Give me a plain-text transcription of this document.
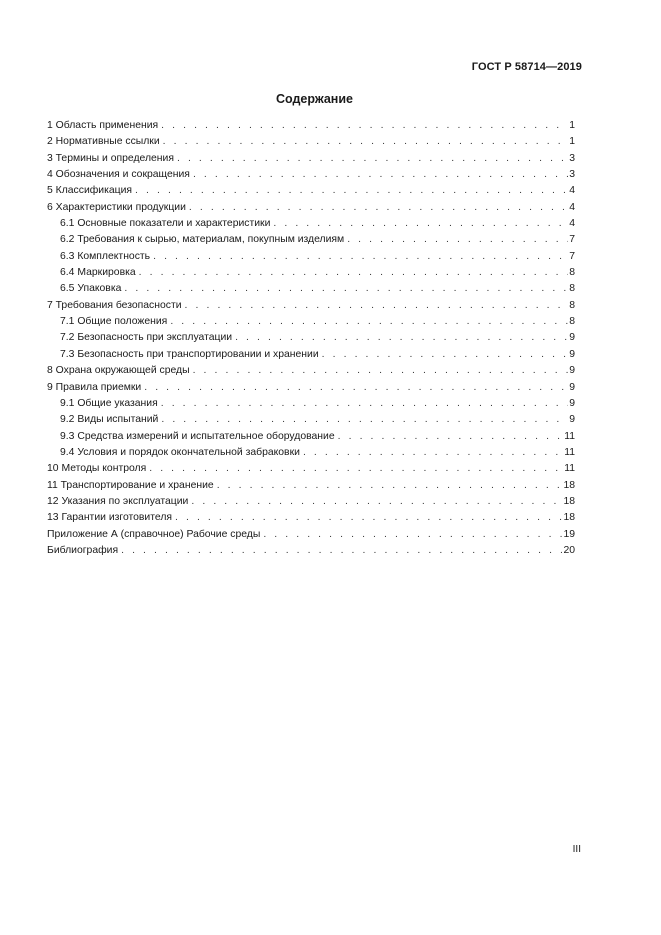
ГОСТ Р 58714—2019
Содержание
1 Область применения . . .	1
2 Нормативные ссылки . . .	1
3 Термины и определения . . .	3
4 Обозначения и сокращения . . .	3
5 Классификация . . .	4
6 Характеристики продукции . . .	4
6.1 Основные показатели и характеристики . . .	4
6.2 Требования к сырью, материалам, покупным изделиям . . .	7
6.3 Комплектность . . .	7
6.4 Маркировка . . .	8
6.5 Упаковка . . .	8
7 Требования безопасности . . .	8
7.1 Общие положения . . .	8
7.2 Безопасность при эксплуатации . . .	9
7.3 Безопасность при транспортировании и хранении . . .	9
8 Охрана окружающей среды . . .	9
9 Правила приемки . . .	9
9.1 Общие указания . . .	9
9.2 Виды испытаний . . .	9
9.3 Средства измерений и испытательное оборудование . . .	11
9.4 Условия и порядок окончательной забраковки . . .	11
10 Методы контроля . . .	11
11 Транспортирование и хранение . . .	18
12 Указания по эксплуатации . . .	18
13 Гарантии изготовителя . . .	18
Приложение А (справочное) Рабочие среды . . .	19
Библиография . . .	20
III
